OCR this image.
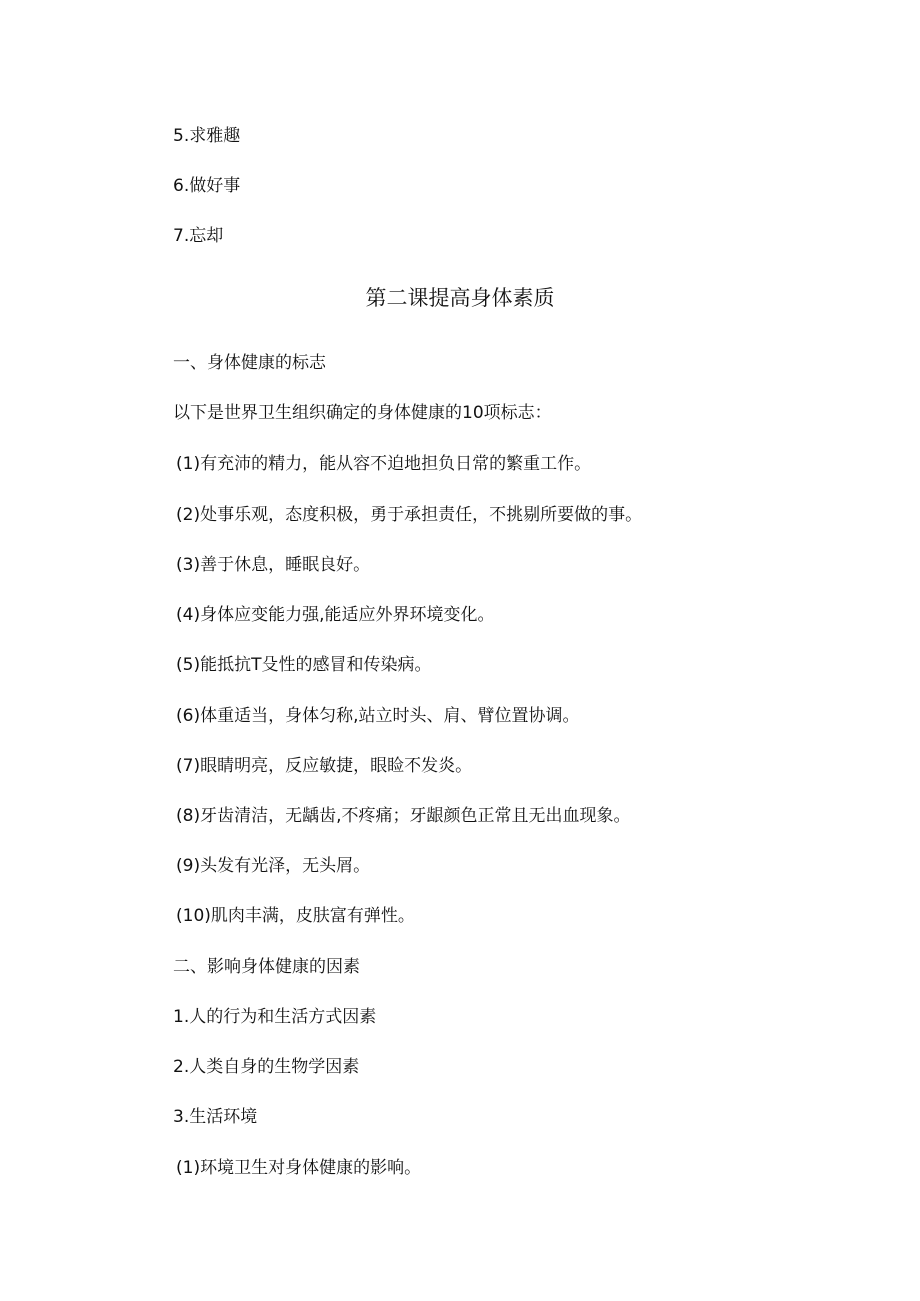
5.求雅趣
6.做好事
7.忘却
第二课提高身体素质
一、身体健康的标志
以下是世界卫生组织确定的身体健康的10项标志：
(1)有充沛的精力，能从容不迫地担负日常的繁重工作。
(2)处事乐观，态度积极，勇于承担责任，不挑剔所要做的事。
(3)善于休息，睡眠良好。
(4)身体应变能力强,能适应外界环境变化。
(5)能抵抗T殳性的感冒和传染病。
(6)体重适当，身体匀称,站立时头、肩、臂位置协调。
(7)眼睛明亮，反应敏捷，眼睑不发炎。
(8)牙齿清洁，无龋齿,不疼痛；牙龈颜色正常且无出血现象。
(9)头发有光泽，无头屑。
(10)肌肉丰满，皮肤富有弹性。
二、影响身体健康的因素
1.人的行为和生活方式因素
2.人类自身的生物学因素
3.生活环境
(1)环境卫生对身体健康的影响。
